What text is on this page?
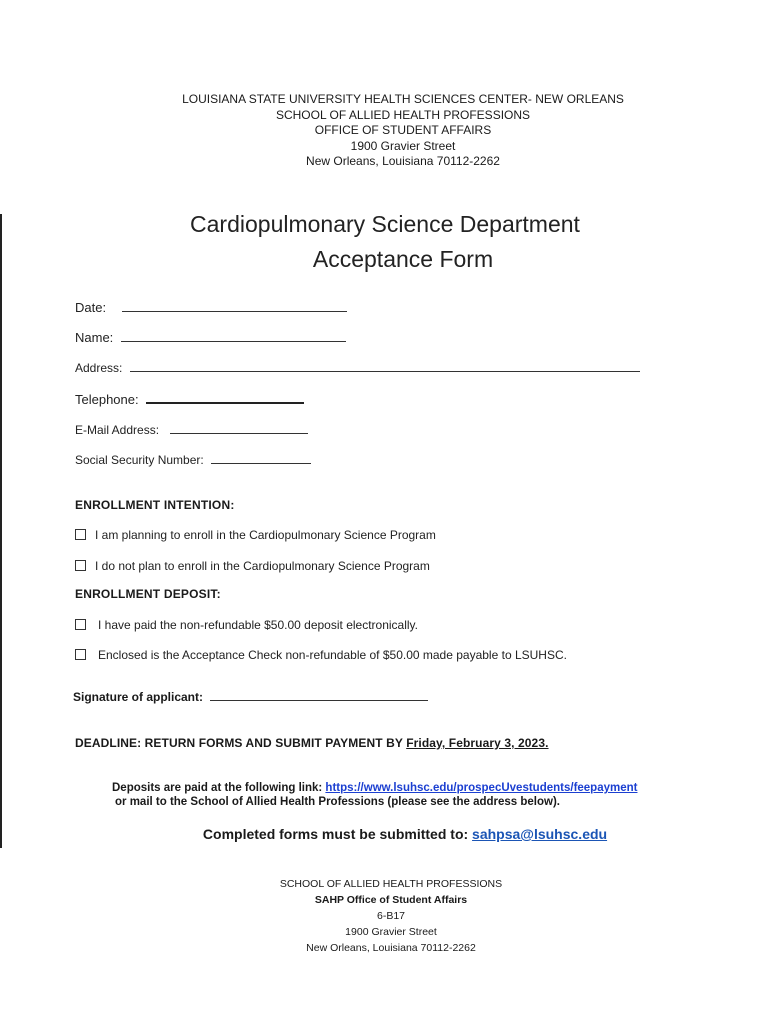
LOUISIANA STATE UNIVERSITY HEALTH SCIENCES CENTER- NEW ORLEANS
SCHOOL OF ALLIED HEALTH PROFESSIONS
OFFICE OF STUDENT AFFAIRS
1900 Gravier Street
New Orleans, Louisiana 70112-2262
Cardiopulmonary Science Department
Acceptance Form
Date:
Name:
Address:
Telephone:
E-Mail Address:
Social Security Number:
ENROLLMENT INTENTION:
I am planning to enroll in the Cardiopulmonary Science Program
I do not plan to enroll in the Cardiopulmonary Science Program
ENROLLMENT DEPOSIT:
I have paid the non-refundable $50.00 deposit electronically.
Enclosed is the Acceptance Check non-refundable of $50.00 made payable to LSUHSC.
Signature of applicant:
DEADLINE: RETURN FORMS AND SUBMIT PAYMENT BY Friday, February 3, 2023.
Deposits are paid at the following link: https://www.lsuhsc.edu/prospecUvestudents/feepayment
or mail to the School of Allied Health Professions (please see the address below).
Completed forms must be submitted to: sahpsa@lsuhsc.edu
SCHOOL OF ALLIED HEALTH PROFESSIONS
SAHP Office of Student Affairs
6-B17
1900 Gravier Street
New Orleans, Louisiana 70112-2262
